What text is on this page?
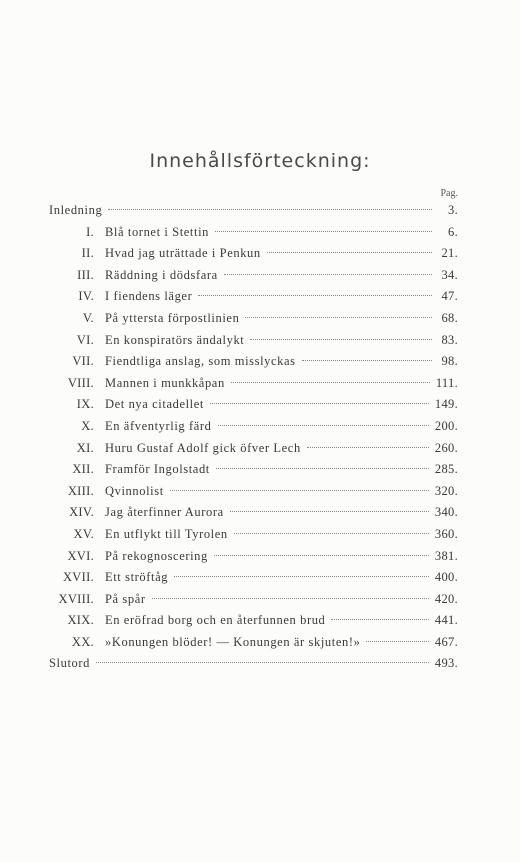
Innehållsförteckning:
Pag.
Inledning	3.
I. Blå tornet i Stettin	6.
II. Hvad jag uträttade i Penkun	21.
III. Räddning i dödsfara	34.
IV. I fiendens läger	47.
V. På yttersta förpostlinien	68.
VI. En konspiratörs ändalykt	83.
VII. Fiendtliga anslag, som misslyckas	98.
VIII. Mannen i munkkåpan	111.
IX. Det nya citadellet	149.
X. En äfventyrlig färd	200.
XI. Huru Gustaf Adolf gick öfver Lech	260.
XII. Framför Ingolstadt	285.
XIII. Qvinnolist	320.
XIV. Jag återfinner Aurora	340.
XV. En utflykt till Tyrolen	360.
XVI. På rekognoscering	381.
XVII. Ett ströftåg	400.
XVIII. På spår	420.
XIX. En eröfrad borg och en återfunnen brud	441.
XX. »Konungen blöder! — Konungen är skjuten!»	467.
Slutord	493.
